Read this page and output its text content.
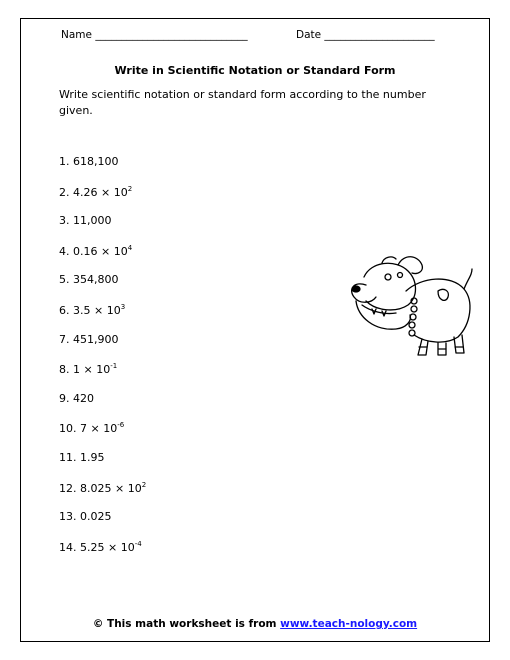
Name _____________________________	Date _____________________
Write in Scientific Notation or Standard Form
Write scientific notation or standard form according to the number given.
1. 618,100
2. $4.26 \times 10^2$
3. 11,000
4. $0.16 \times 10^4$
5. 354,800
6. $3.5 \times 10^3$
7. 451,900
8. $1 \times 10^{-1}$
9. 420
10. $7 \times 10^{-6}$
11. 1.95
12. $8.025 \times 10^2$
13. 0.025
14. $5.25 \times 10^{-4}$
© This math worksheet is from www.teach-nology.com
